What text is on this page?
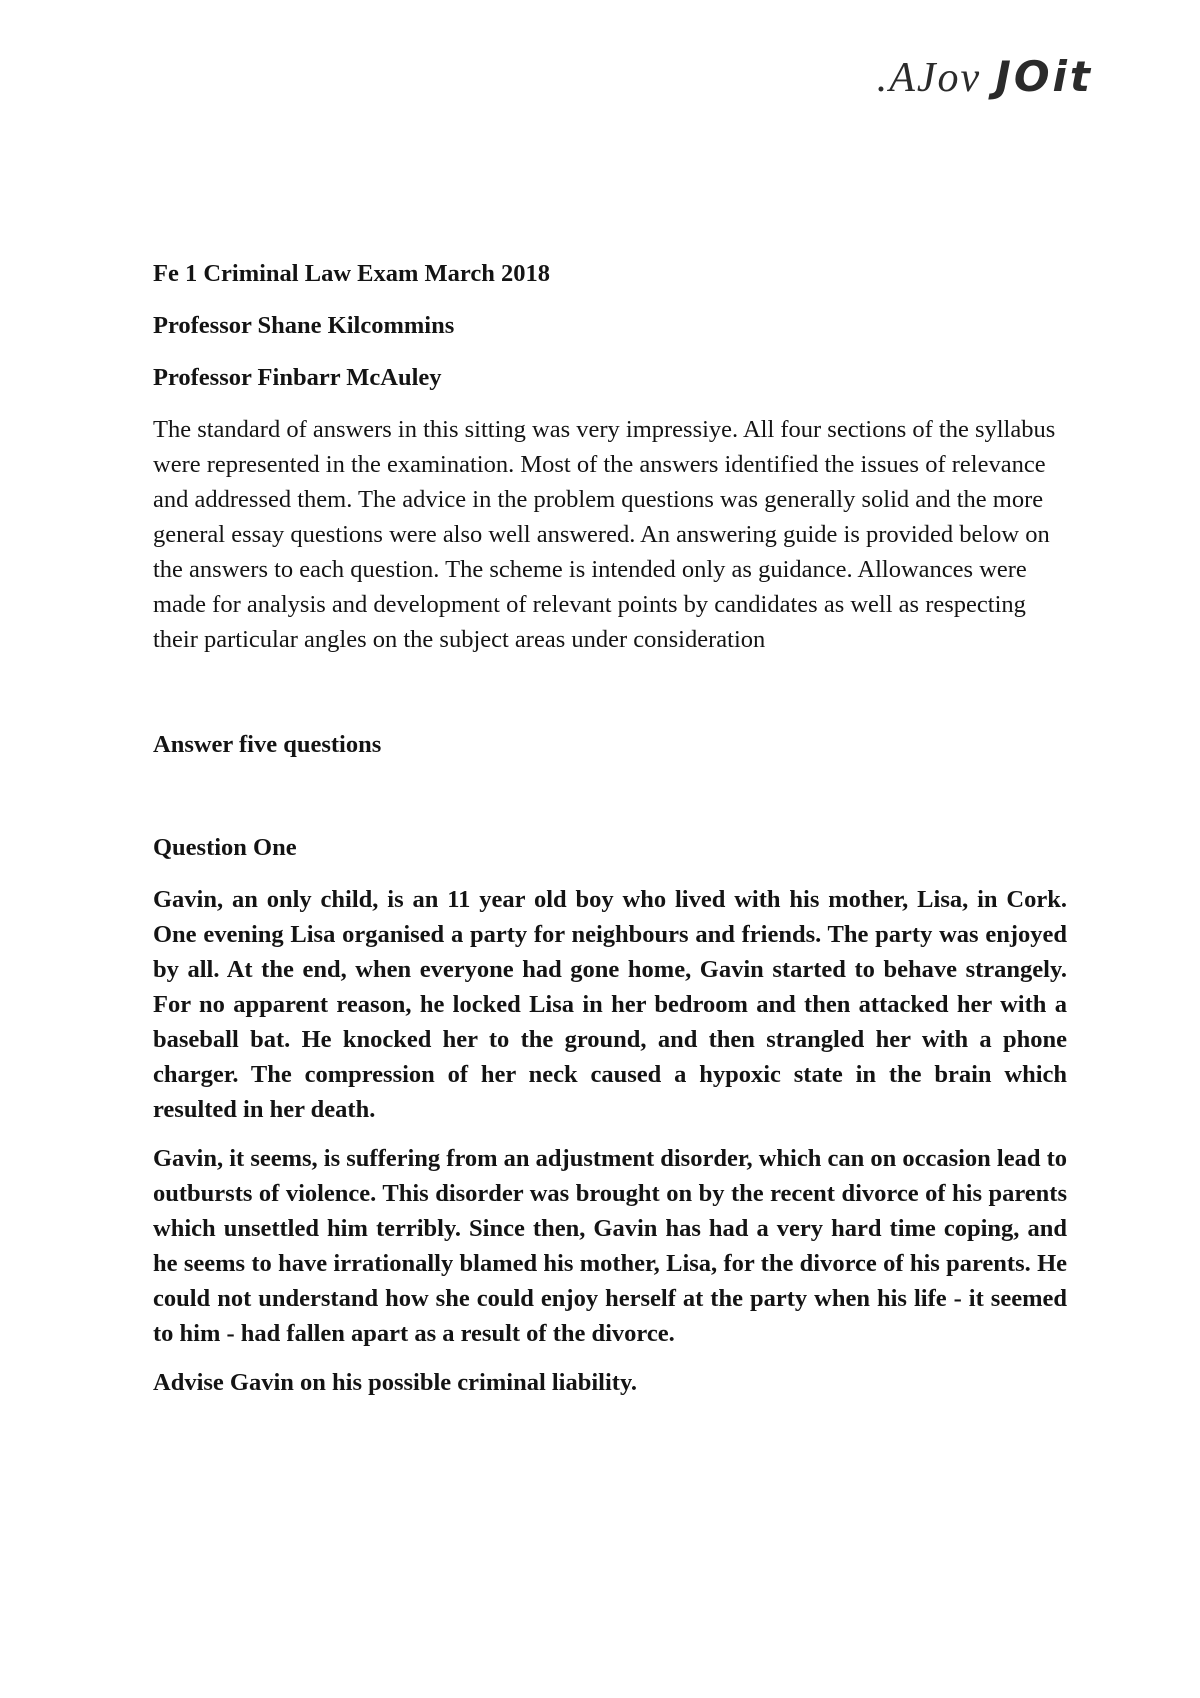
.AJov JOit

Fe 1 Criminal Law Exam March 2018

Professor Shane Kilcommins

Professor Finbarr McAuley

The standard of answers in this sitting was very impressiye. All four sections of the syllabus were represented in the examination. Most of the answers identified the issues of relevance and addressed them. The advice in the problem questions was generally solid and the more general essay questions were also well answered. An answering guide is provided below on the answers to each question. The scheme is intended only as guidance. Allowances were made for analysis and development of relevant points by candidates as well as respecting their particular angles on the subject areas under consideration

Answer five questions

Question One

Gavin, an only child, is an 11 year old boy who lived with his mother, Lisa, in Cork. One evening Lisa organised a party for neighbours and friends. The party was enjoyed by all. At the end, when everyone had gone home, Gavin started to behave strangely. For no apparent reason, he locked Lisa in her bedroom and then attacked her with a baseball bat. He knocked her to the ground, and then strangled her with a phone charger. The compression of her neck caused a hypoxic state in the brain which resulted in her death.

Gavin, it seems, is suffering from an adjustment disorder, which can on occasion lead to outbursts of violence. This disorder was brought on by the recent divorce of his parents which unsettled him terribly. Since then, Gavin has had a very hard time coping, and he seems to have irrationally blamed his mother, Lisa, for the divorce of his parents. He could not understand how she could enjoy herself at the party when his life - it seemed to him - had fallen apart as a result of the divorce.

Advise Gavin on his possible criminal liability.
